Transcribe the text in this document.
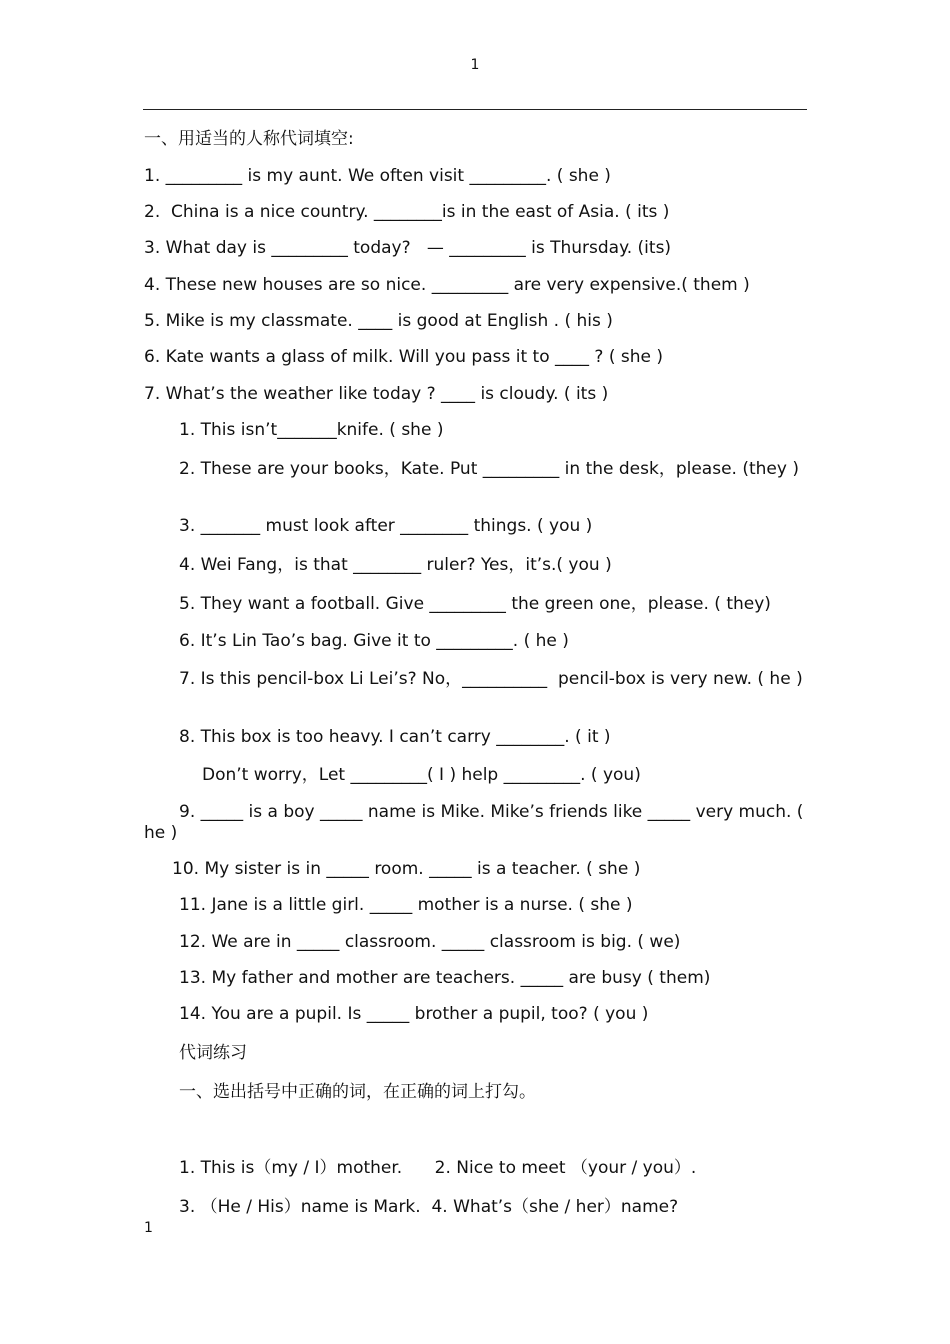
1
一、用适当的人称代词填空:
1. _________ is my aunt. We often visit _________. ( she )
2.  China is a nice country. ________is in the east of Asia. ( its )
3. What day is _________ today?   — _________ is Thursday. (its)
4. These new houses are so nice. _________ are very expensive.( them )
5. Mike is my classmate. ____ is good at English . ( his )
6. Kate wants a glass of milk. Will you pass it to ____ ? ( she )
7. What’s the weather like today ? ____ is cloudy. ( its )
1. This isn’t_______knife. ( she )
2. These are your books，Kate. Put _________ in the desk，please. (they )
3. _______ must look after ________ things. ( you )
4. Wei Fang，is that ________ ruler? Yes，it’s.( you )
5. They want a football. Give _________ the green one，please. ( they)
6. It’s Lin Tao’s bag. Give it to _________. ( he )
7. Is this pencil-box Li Lei’s? No，__________  pencil-box is very new. ( he )
8. This box is too heavy. I can’t carry ________. ( it )
Don’t worry，Let _________( I ) help _________. ( you)
9. _____ is a boy _____ name is Mike. Mike’s friends like _____ very much. ( he )
10. My sister is in _____ room. _____ is a teacher. ( she )
11. Jane is a little girl. _____ mother is a nurse. ( she )
12. We are in _____ classroom. _____ classroom is big. ( we)
13. My father and mother are teachers. _____ are busy ( them)
14. You are a pupil. Is _____ brother a pupil, too? ( you )
代词练习
一、选出括号中正确的词，在正确的词上打勾。
1. This is（my / I）mother.      2. Nice to meet （your / you）.
3. （He / His）name is Mark.  4. What’s（she / her）name?
1
